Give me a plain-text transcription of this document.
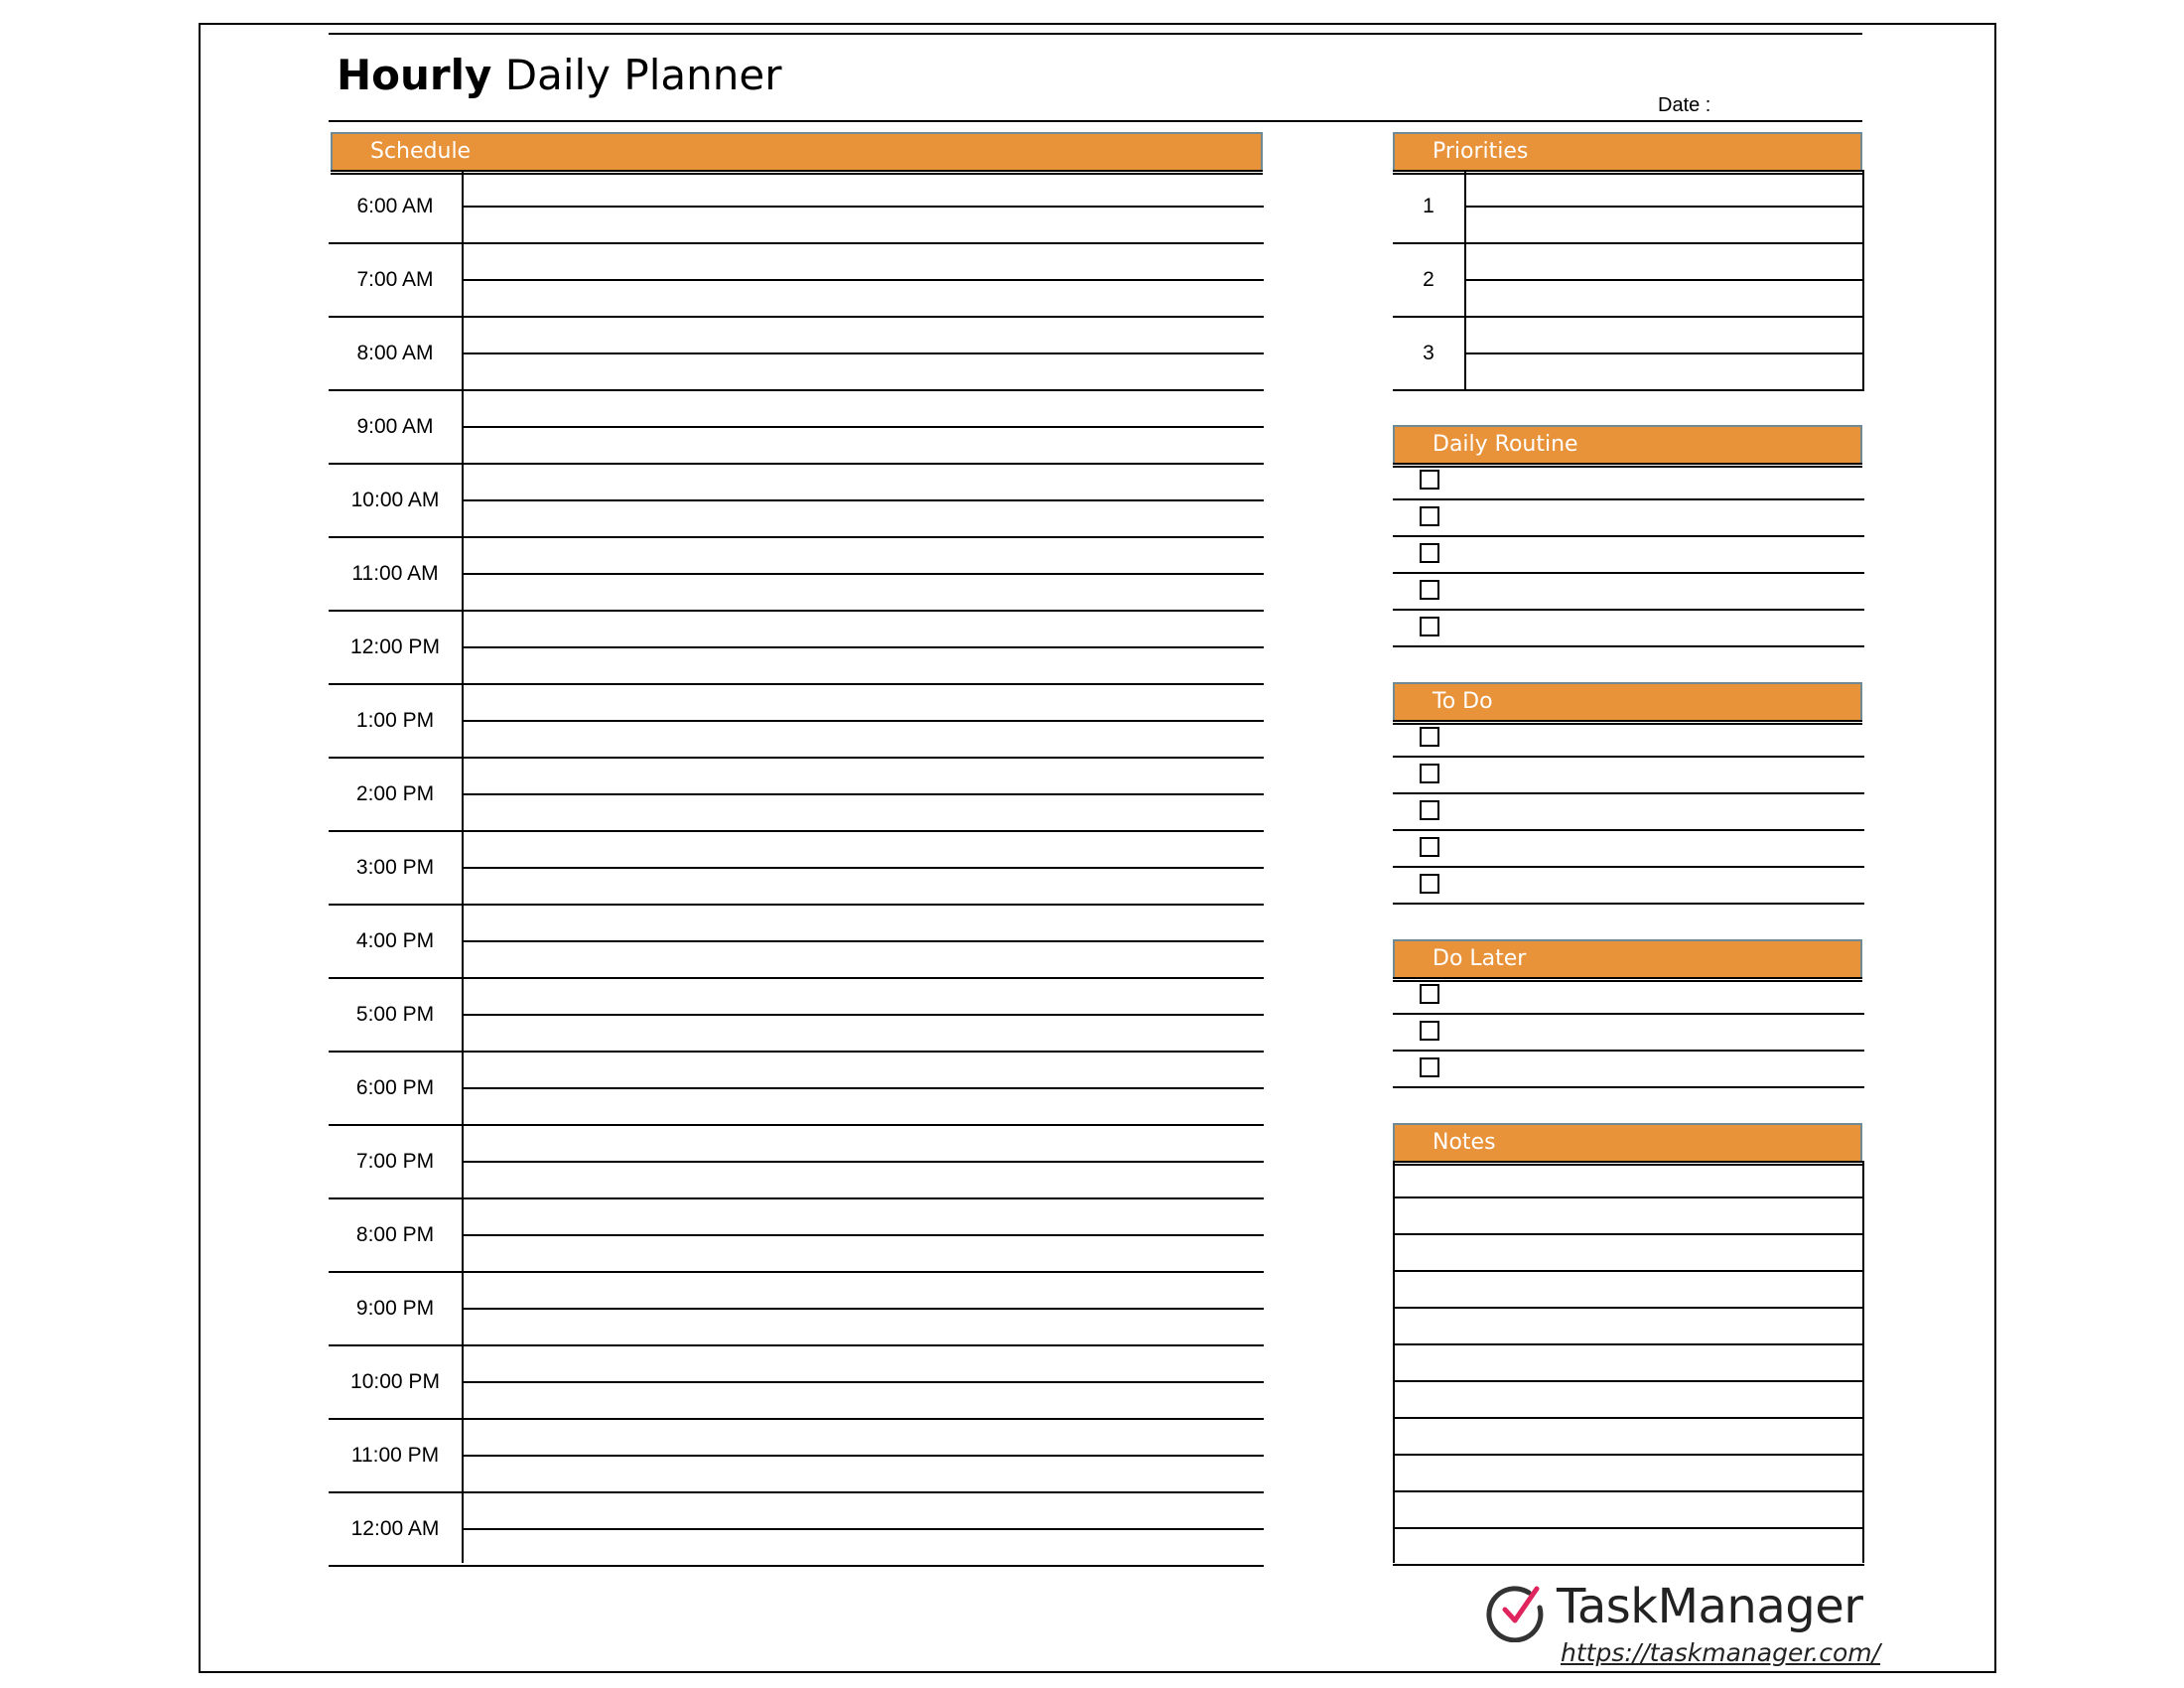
Hourly Daily Planner
Date :
Schedule
6:00 AM
7:00 AM
8:00 AM
9:00 AM
10:00 AM
11:00 AM
12:00 PM
1:00 PM
2:00 PM
3:00 PM
4:00 PM
5:00 PM
6:00 PM
7:00 PM
8:00 PM
9:00 PM
10:00 PM
11:00 PM
12:00 AM
Priorities
1
2
3
Daily Routine
To Do
Do Later
Notes
TaskManager
https://taskmanager.com/
